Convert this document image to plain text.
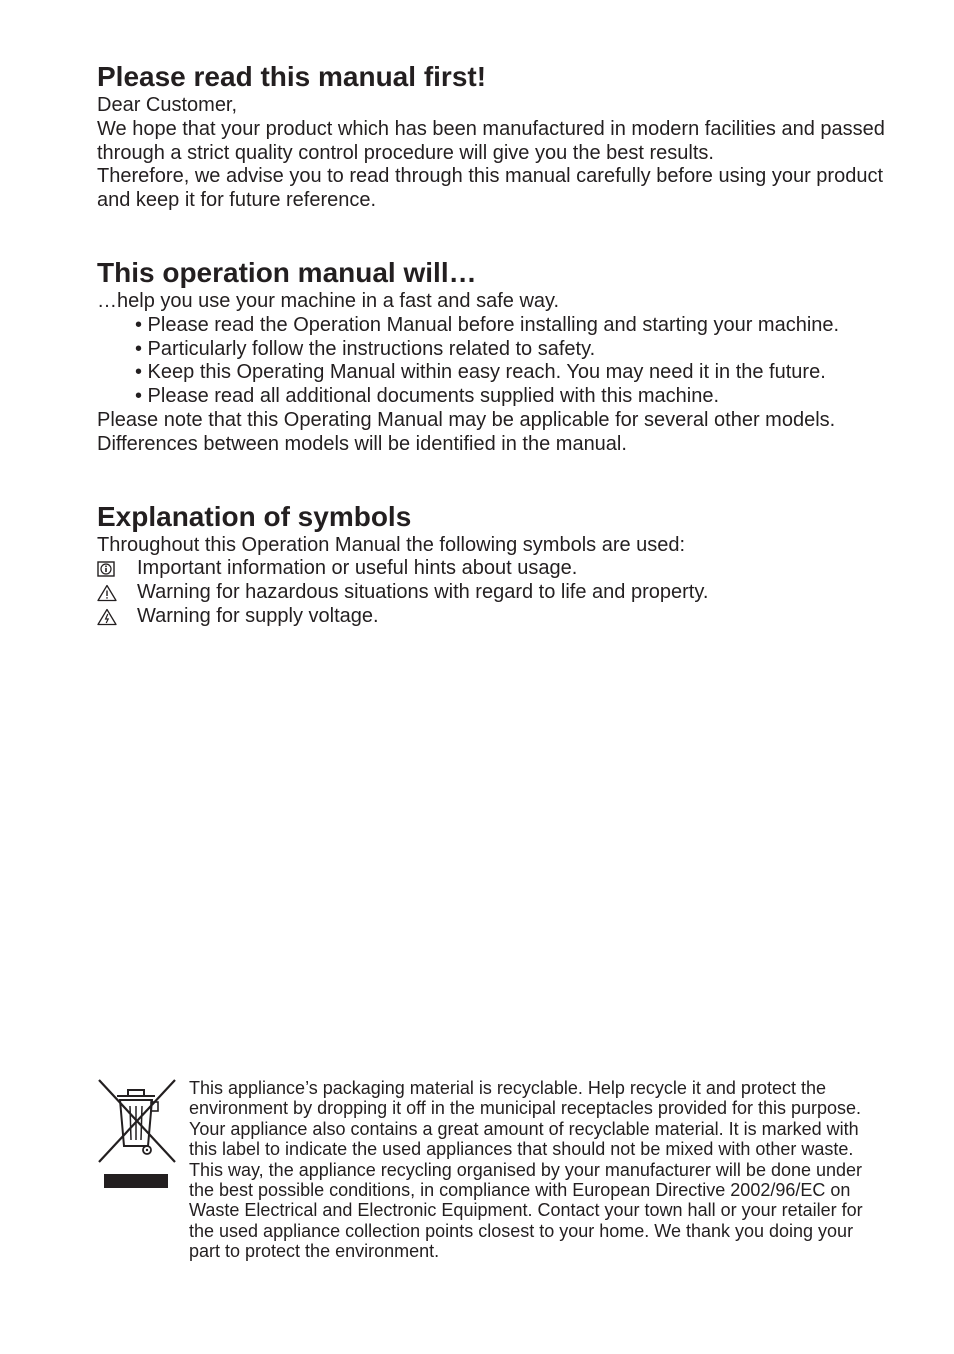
Please read this manual first!

Dear Customer,

We hope that your product which has been manufactured in modern facilities and passed through a strict quality control procedure will give you the best results.

Therefore, we advise you to read through this manual carefully before using your product and keep it for future reference.

This operation manual will…

…help you use your machine in a fast and safe way.

• Please read the Operation Manual before installing and starting your machine.
• Particularly follow the instructions related to safety.
• Keep this Operating Manual within easy reach. You may need it in the future.
• Please read all additional documents supplied with this machine.

Please note that this Operating Manual may be applicable for several other models. Differences between models will be identified in the manual.

Explanation of symbols

Throughout this Operation Manual the following symbols are used:

Important information or useful hints about usage.
Warning for hazardous situations with regard to life and property.
Warning for supply voltage.

This appliance’s packaging material is recyclable. Help recycle it and protect the environment by dropping it off in the municipal receptacles provided for this purpose. Your appliance also contains a great amount of recyclable material. It is marked with this label to indicate the used appliances that should not be mixed with other waste. This way, the appliance recycling organised by your manufacturer will be done under the best possible conditions, in compliance with European Directive 2002/96/EC on Waste Electrical and Electronic Equipment. Contact your town hall or your retailer for the used appliance collection points closest to your home. We thank you doing your part to protect the environment.
